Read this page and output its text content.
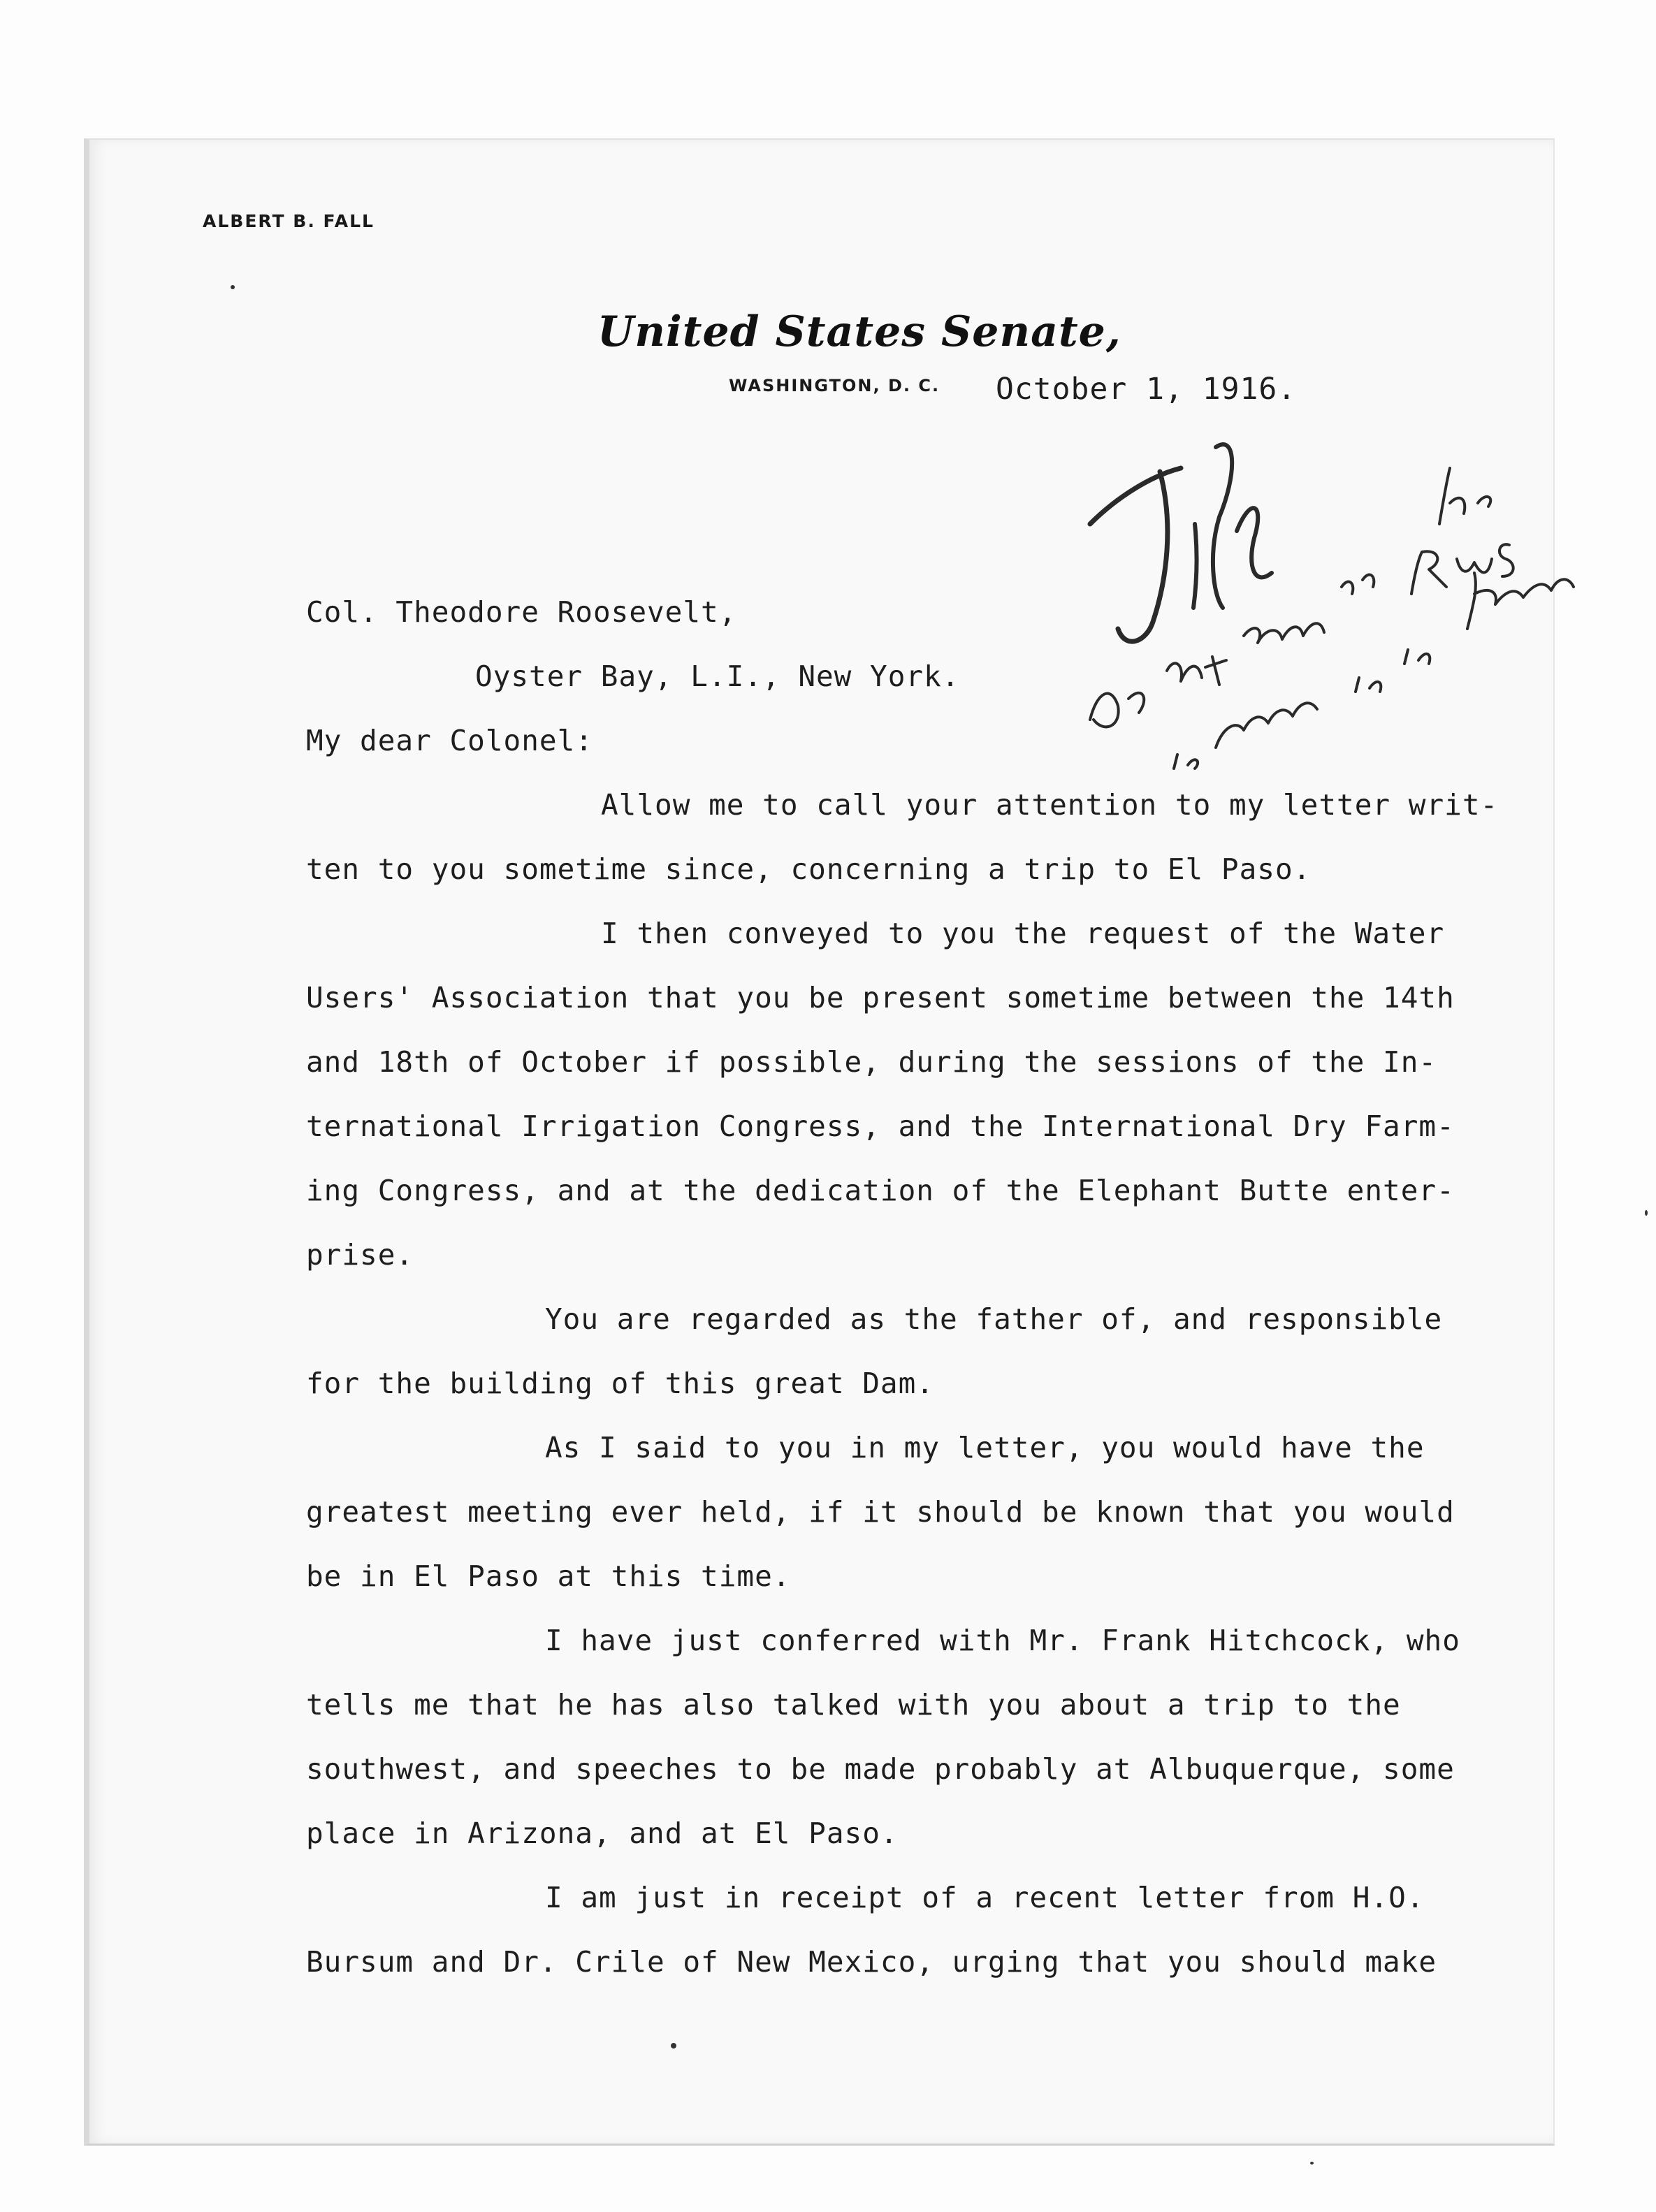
ALBERT B. FALL
United States Senate,
WASHINGTON, D. C. October 1, 1916.
Col. Theodore Roosevelt,
Oyster Bay, L.I., New York.
My dear Colonel:
Allow me to call your attention to my letter writ-
ten to you sometime since, concerning a trip to El Paso.
I then conveyed to you the request of the Water
Users' Association that you be present sometime between the 14th
and 18th of October if possible, during the sessions of the In-
ternational Irrigation Congress, and the International Dry Farm-
ing Congress, and at the dedication of the Elephant Butte enter-
prise.
You are regarded as the father of, and responsible
for the building of this great Dam.
As I said to you in my letter, you would have the
greatest meeting ever held, if it should be known that you would
be in El Paso at this time.
I have just conferred with Mr. Frank Hitchcock, who
tells me that he has also talked with you about a trip to the
southwest, and speeches to be made probably at Albuquerque, some
place in Arizona, and at El Paso.
I am just in receipt of a recent letter from H.O.
Bursum and Dr. Crile of New Mexico, urging that you should make
